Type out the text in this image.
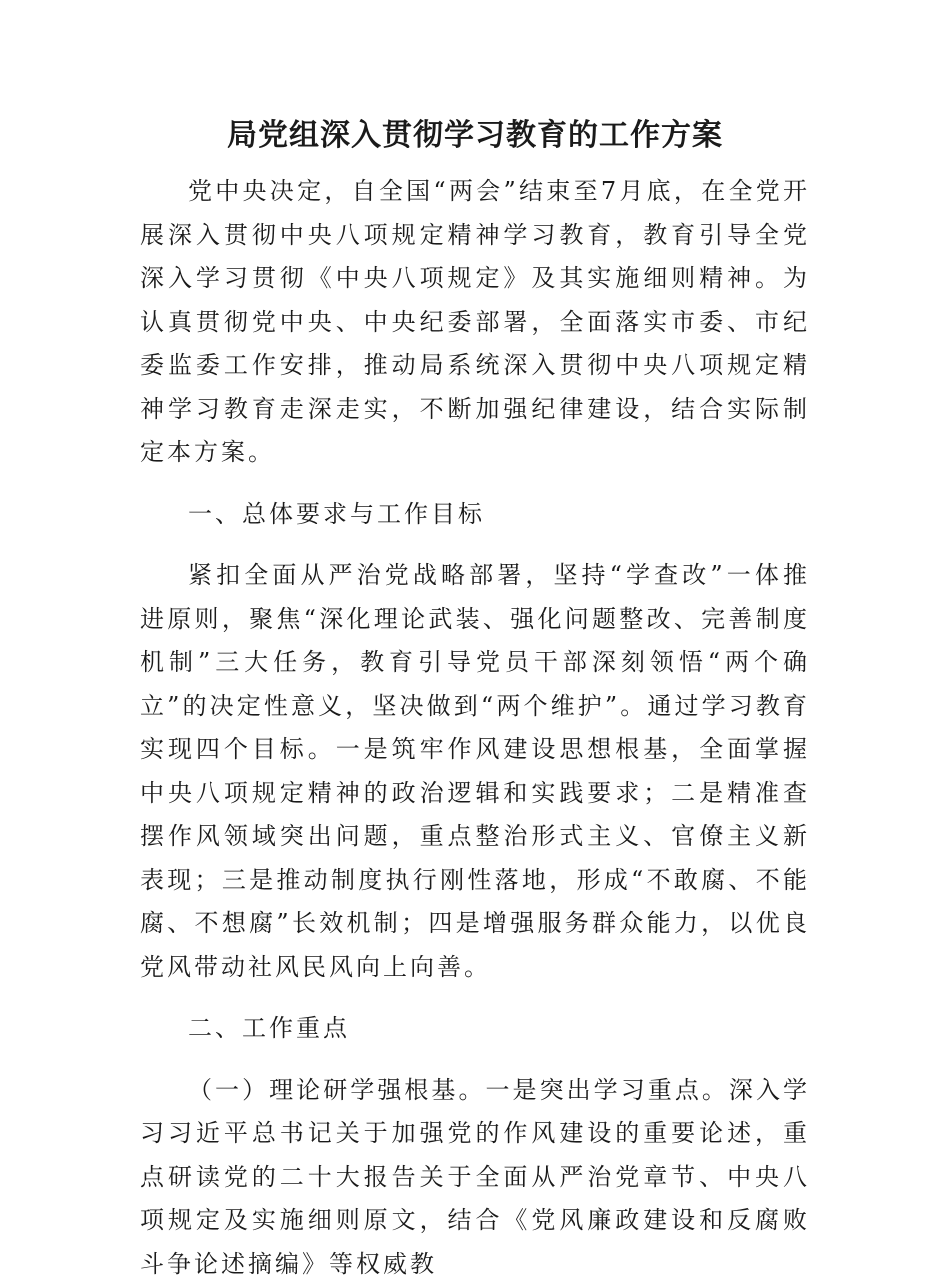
局党组深入贯彻学习教育的工作方案

党中央决定，自全国“两会”结束至7月底，在全党开展深入贯彻中央八项规定精神学习教育，教育引导全党深入学习贯彻《中央八项规定》及其实施细则精神。为认真贯彻党中央、中央纪委部署，全面落实市委、市纪委监委工作安排，推动局系统深入贯彻中央八项规定精神学习教育走深走实，不断加强纪律建设，结合实际制定本方案。

一、总体要求与工作目标

紧扣全面从严治党战略部署，坚持“学查改”一体推进原则，聚焦“深化理论武装、强化问题整改、完善制度机制”三大任务，教育引导党员干部深刻领悟“两个确立”的决定性意义，坚决做到“两个维护”。通过学习教育实现四个目标。一是筑牢作风建设思想根基，全面掌握中央八项规定精神的政治逻辑和实践要求；二是精准查摆作风领域突出问题，重点整治形式主义、官僚主义新表现；三是推动制度执行刚性落地，形成“不敢腐、不能腐、不想腐”长效机制；四是增强服务群众能力，以优良党风带动社风民风向上向善。

二、工作重点

（一）理论研学强根基。一是突出学习重点。深入学习习近平总书记关于加强党的作风建设的重要论述，重点研读党的二十大报告关于全面从严治党章节、中央八项规定及实施细则原文，结合《党风廉政建设和反腐败斗争论述摘编》等权威教
